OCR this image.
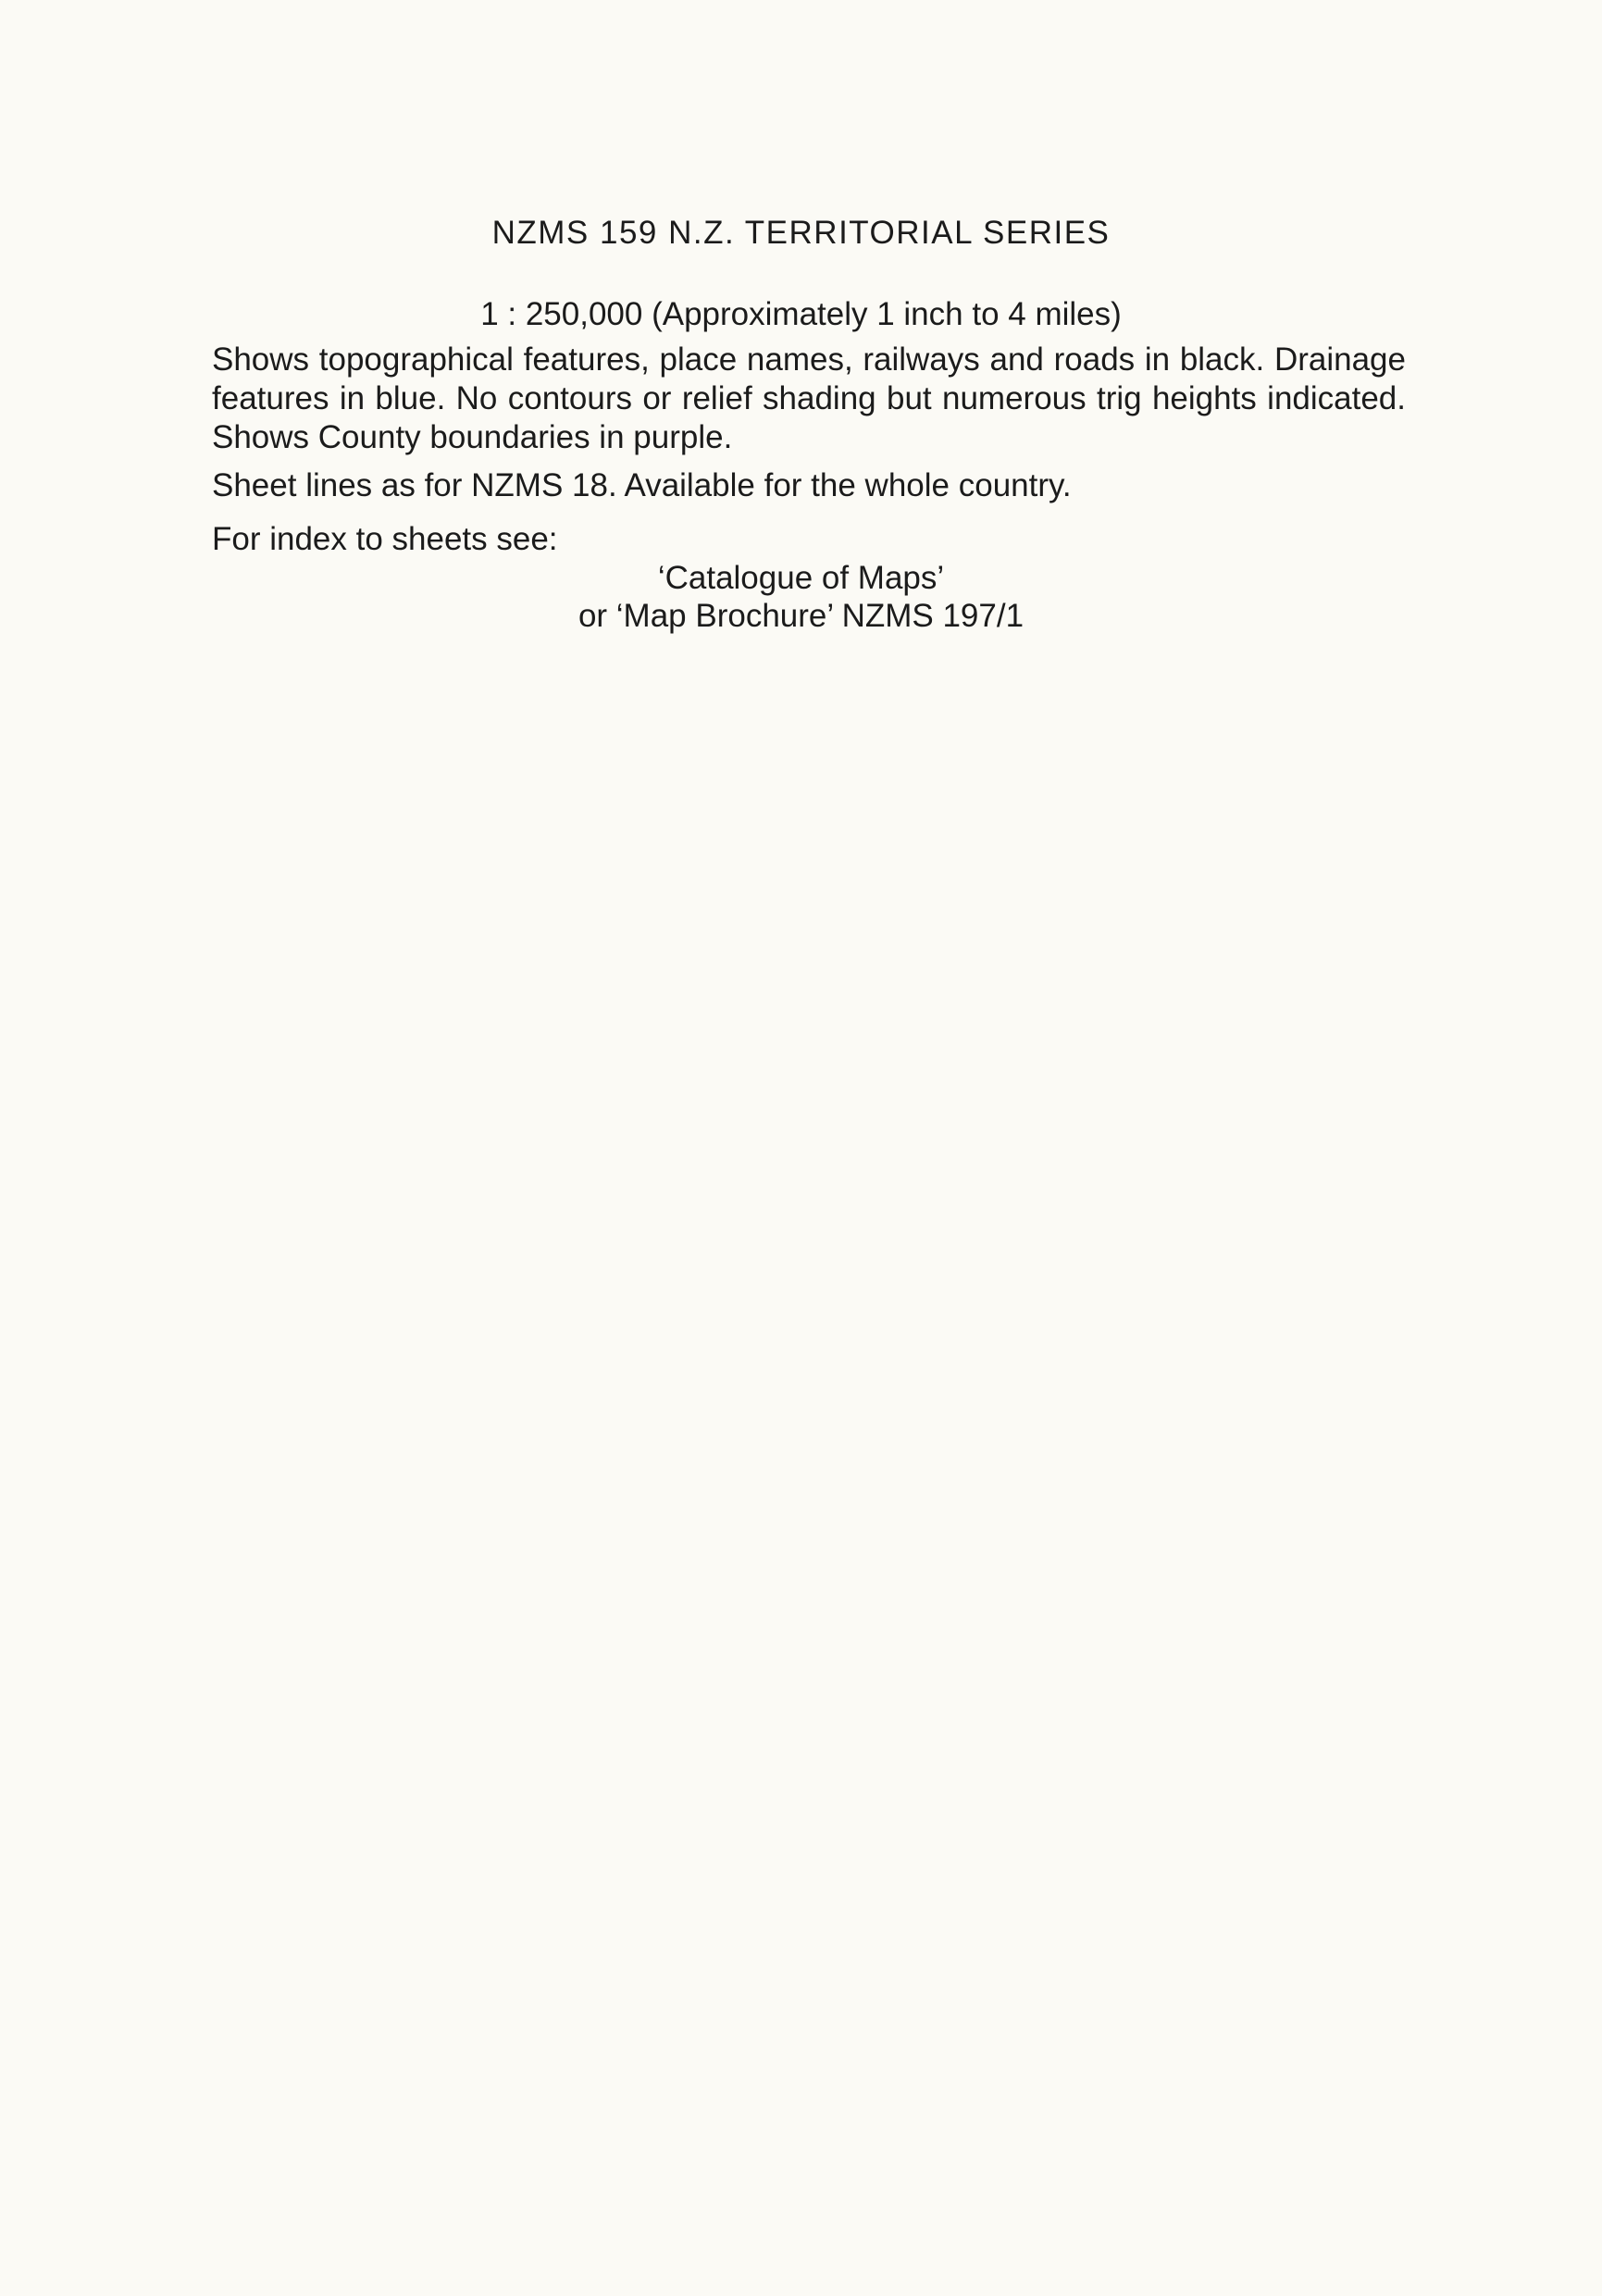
NZMS 159 N.Z. TERRITORIAL SERIES
1 : 250,000 (Approximately 1 inch to 4 miles)
Shows topographical features, place names, railways and roads in black. Drainage features in blue. No contours or relief shading but numerous trig heights indicated. Shows County boundaries in purple.
Sheet lines as for NZMS 18. Available for the whole country.
For index to sheets see:
‘Catalogue of Maps’
or ‘Map Brochure’ NZMS 197/1
